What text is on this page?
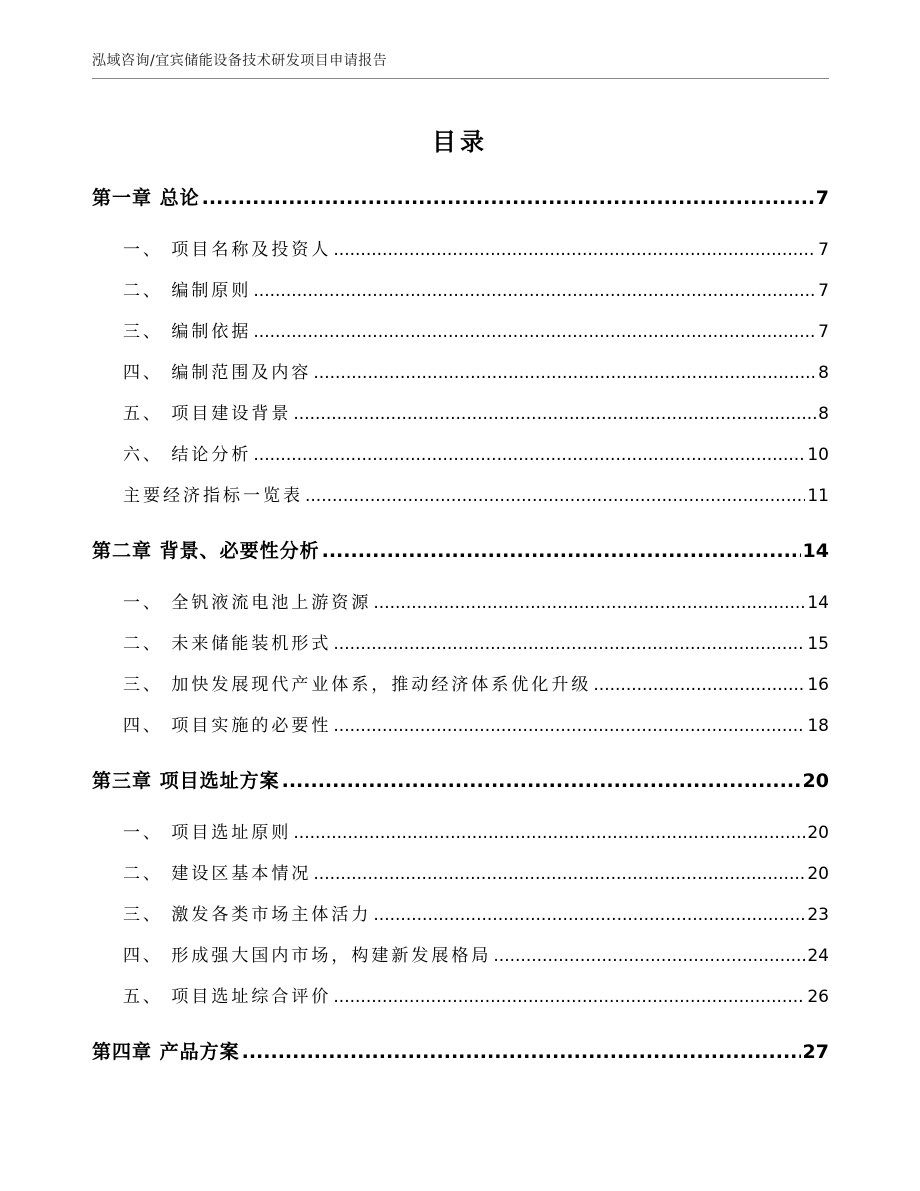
泓域咨询/宜宾储能设备技术研发项目申请报告
目录
第一章 总论 .....	7
一、 项目名称及投资人 .....	7
二、 编制原则 .....	7
三、 编制依据 .....	7
四、 编制范围及内容 .....	8
五、 项目建设背景 .....	8
六、 结论分析 .....	10
主要经济指标一览表 .....	11
第二章 背景、必要性分析 .....	14
一、 全钒液流电池上游资源 .....	14
二、 未来储能装机形式 .....	15
三、 加快发展现代产业体系，推动经济体系优化升级 .....	16
四、 项目实施的必要性 .....	18
第三章 项目选址方案 .....	20
一、 项目选址原则 .....	20
二、 建设区基本情况 .....	20
三、 激发各类市场主体活力 .....	23
四、 形成强大国内市场，构建新发展格局 .....	24
五、 项目选址综合评价 .....	26
第四章 产品方案 .....	27
